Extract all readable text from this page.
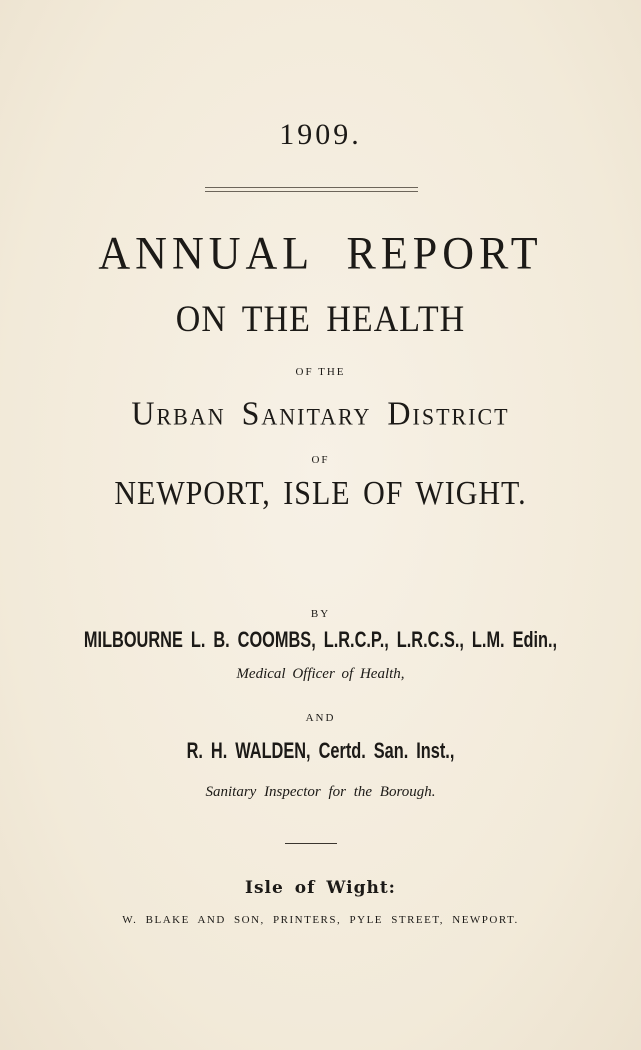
1909.
ANNUAL REPORT
ON THE HEALTH
OF THE
Urban Sanitary District
OF
NEWPORT, ISLE OF WIGHT.
BY
MILBOURNE L. B. COOMBS, L.R.C.P., L.R.C.S., L.M. Edin.,
Medical Officer of Health,
AND
R. H. WALDEN, Certd. San. Inst.,
Sanitary Inspector for the Borough.
Isle of Wight:
W. BLAKE AND SON, PRINTERS, PYLE STREET, NEWPORT.
